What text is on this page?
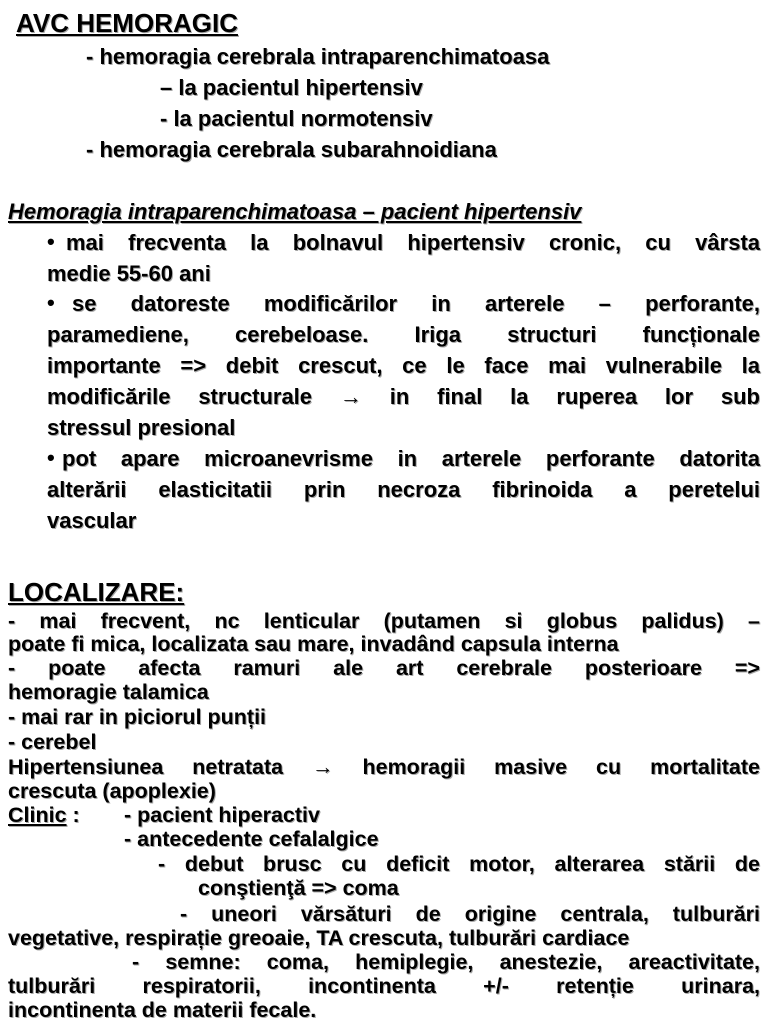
AVC HEMORAGIC
- hemoragia cerebrala intraparenchimatoasa
– la pacientul hipertensiv
- la pacientul normotensiv
- hemoragia cerebrala subarahnoidiana
Hemoragia intraparenchimatoasa – pacient hipertensiv
• mai frecventa la bolnavul hipertensiv cronic, cu vârsta
medie 55-60 ani
• se datoreste modificărilor in arterele – perforante,
paramediene, cerebeloase. Iriga structuri funcționale
importante => debit crescut, ce le face mai vulnerabile la
modificările structurale → in final la ruperea lor sub
stressul presional
• pot apare microanevrisme in arterele perforante datorita
alterării elasticitatii prin necroza fibrinoida a peretelui
vascular
LOCALIZARE:
- mai frecvent, nc lenticular (putamen si globus palidus) –
poate fi mica, localizata sau mare, invadând capsula interna
- poate afecta ramuri ale art cerebrale posterioare =>
hemoragie talamica
- mai rar in piciorul punții
- cerebel
Hipertensiunea netratata → hemoragii masive cu mortalitate
crescuta (apoplexie)
Clinic : - pacient hiperactiv
- antecedente cefalalgice
- debut brusc cu deficit motor, alterarea stării de
conştienţă => coma
- uneori vărsături de origine centrala, tulburări
vegetative, respirație greoaie, TA crescuta, tulburări cardiace
- semne: coma, hemiplegie, anestezie, areactivitate,
tulburări respiratorii, incontinenta +/- retenție urinara,
incontinenta de materii fecale.
